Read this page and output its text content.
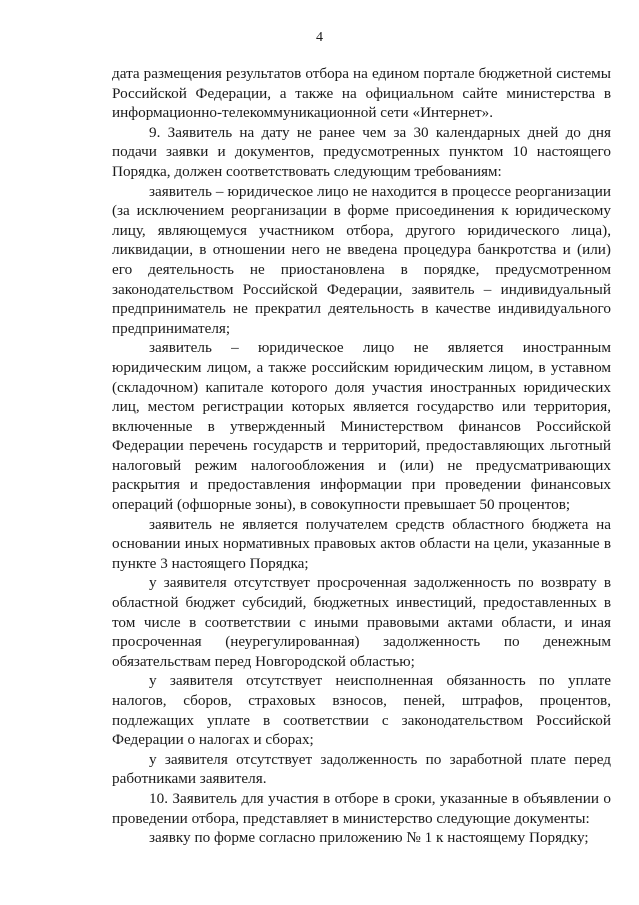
4

дата размещения результатов отбора на едином портале бюджетной системы Российской Федерации, а также на официальном сайте министерства в информационно-телекоммуникационной сети «Интернет».

9. Заявитель на дату не ранее чем за 30 календарных дней до дня подачи заявки и документов, предусмотренных пунктом 10 настоящего Порядка, должен соответствовать следующим требованиям:

заявитель – юридическое лицо не находится в процессе реорганизации (за исключением реорганизации в форме присоединения к юридическому лицу, являющемуся участником отбора, другого юридического лица), ликвидации, в отношении него не введена процедура банкротства и (или) его деятельность не приостановлена в порядке, предусмотренном законодательством Российской Федерации, заявитель – индивидуальный предприниматель не прекратил деятельность в качестве индивидуального предпринимателя;

заявитель – юридическое лицо не является иностранным юридическим лицом, а также российским юридическим лицом, в уставном (складочном) капитале которого доля участия иностранных юридических лиц, местом регистрации которых является государство или территория, включенные в утвержденный Министерством финансов Российской Федерации перечень государств и территорий, предоставляющих льготный налоговый режим налогообложения и (или) не предусматривающих раскрытия и предоставления информации при проведении финансовых операций (офшорные зоны), в совокупности превышает 50 процентов;

заявитель не является получателем средств областного бюджета на основании иных нормативных правовых актов области на цели, указанные в пункте 3 настоящего Порядка;

у заявителя отсутствует просроченная задолженность по возврату в областной бюджет субсидий, бюджетных инвестиций, предоставленных в том числе в соответствии с иными правовыми актами области, и иная просроченная (неурегулированная) задолженность по денежным обязательствам перед Новгородской областью;

у заявителя отсутствует неисполненная обязанность по уплате налогов, сборов, страховых взносов, пеней, штрафов, процентов, подлежащих уплате в соответствии с законодательством Российской Федерации о налогах и сборах;

у заявителя отсутствует задолженность по заработной плате перед работниками заявителя.

10. Заявитель для участия в отборе в сроки, указанные в объявлении о проведении отбора, представляет в министерство следующие документы:

заявку по форме согласно приложению № 1 к настоящему Порядку;
